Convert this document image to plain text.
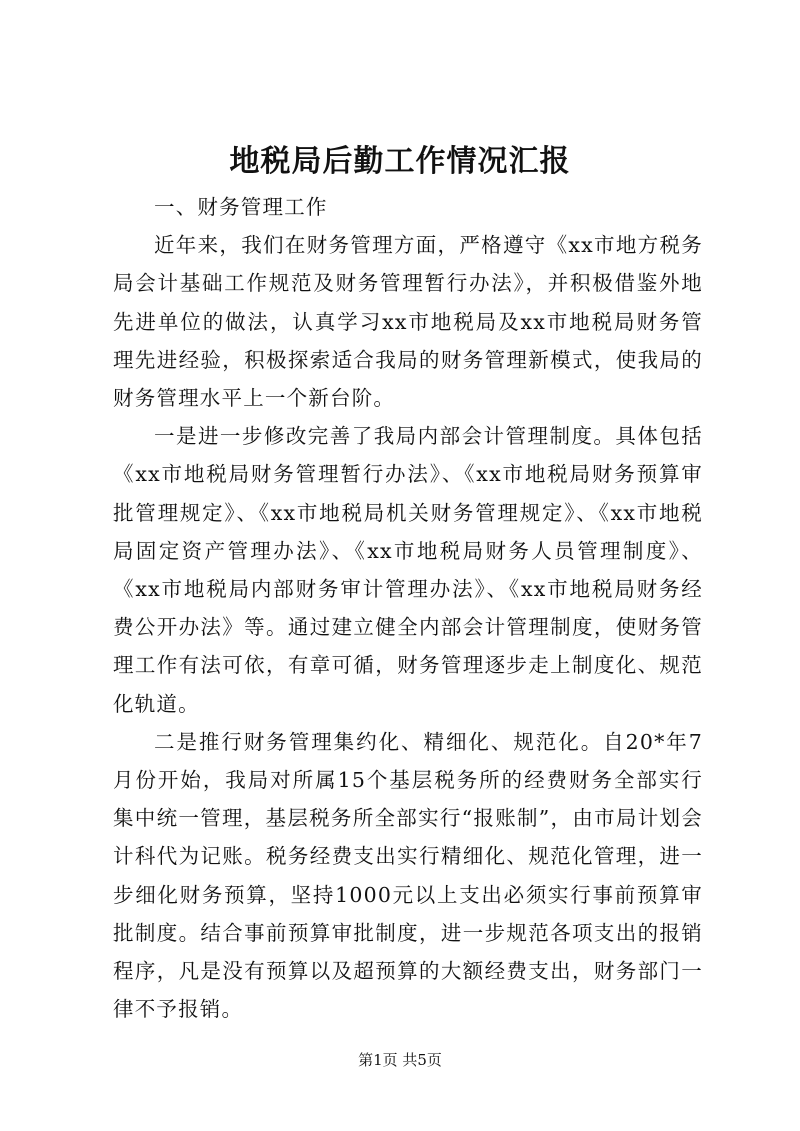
地税局后勤工作情况汇报

一、财务管理工作

近年来，我们在财务管理方面，严格遵守《xx市地方税务局会计基础工作规范及财务管理暂行办法》，并积极借鉴外地先进单位的做法，认真学习xx市地税局及xx市地税局财务管理先进经验，积极探索适合我局的财务管理新模式，使我局的财务管理水平上一个新台阶。

一是进一步修改完善了我局内部会计管理制度。具体包括《xx市地税局财务管理暂行办法》、《xx市地税局财务预算审批管理规定》、《xx市地税局机关财务管理规定》、《xx市地税局固定资产管理办法》、《xx市地税局财务人员管理制度》、《xx市地税局内部财务审计管理办法》、《xx市地税局财务经费公开办法》等。通过建立健全内部会计管理制度，使财务管理工作有法可依，有章可循，财务管理逐步走上制度化、规范化轨道。

二是推行财务管理集约化、精细化、规范化。自20*年7月份开始，我局对所属15个基层税务所的经费财务全部实行集中统一管理，基层税务所全部实行“报账制”，由市局计划会计科代为记账。税务经费支出实行精细化、规范化管理，进一步细化财务预算，坚持1000元以上支出必须实行事前预算审批制度。结合事前预算审批制度，进一步规范各项支出的报销程序，凡是没有预算以及超预算的大额经费支出，财务部门一律不予报销。

第1页 共5页
